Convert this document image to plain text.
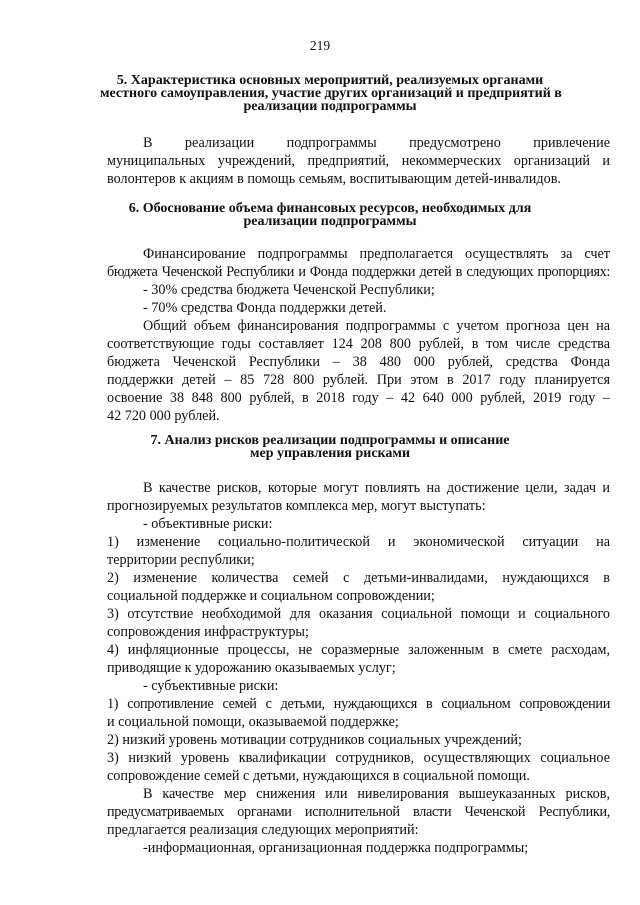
219
5. Характеристика основных мероприятий, реализуемых органами
местного самоуправления, участие других организаций и предприятий в
реализации подпрограммы
В реализации подпрограммы предусмотрено привлечение
муниципальных учреждений, предприятий, некоммерческих организаций и
волонтеров к акциям в помощь семьям, воспитывающим детей-инвалидов.
6. Обоснование объема финансовых ресурсов, необходимых для
реализации подпрограммы
Финансирование подпрограммы предполагается осуществлять за счет
бюджета Чеченской Республики и Фонда поддержки детей в следующих пропорциях:
- 30% средства бюджета Чеченской Республики;
- 70% средства Фонда поддержки детей.
Общий объем финансирования подпрограммы с учетом прогноза цен на
соответствующие годы составляет 124 208 800 рублей, в том числе средства
бюджета Чеченской Республики – 38 480 000 рублей, средства Фонда
поддержки детей – 85 728 800 рублей. При этом в 2017 году планируется
освоение 38 848 800 рублей, в 2018 году – 42 640 000 рублей, 2019 году –
42 720 000 рублей.
7. Анализ рисков реализации подпрограммы и описание
мер управления рисками
В качестве рисков, которые могут повлиять на достижение цели, задач и
прогнозируемых результатов комплекса мер, могут выступать:
- объективные риски:
1) изменение социально-политической и экономической ситуации на
территории республики;
2) изменение количества семей с детьми-инвалидами, нуждающихся в
социальной поддержке и социальном сопровождении;
3) отсутствие необходимой для оказания социальной помощи и социального
сопровождения инфраструктуры;
4) инфляционные процессы, не соразмерные заложенным в смете расходам,
приводящие к удорожанию оказываемых услуг;
- субъективные риски:
1) сопротивление семей с детьми, нуждающихся в социальном сопровождении
и социальной помощи, оказываемой поддержке;
2) низкий уровень мотивации сотрудников социальных учреждений;
3) низкий уровень квалификации сотрудников, осуществляющих социальное
сопровождение семей с детьми, нуждающихся в социальной помощи.
В качестве мер снижения или нивелирования вышеуказанных рисков,
предусматриваемых органами исполнительной власти Чеченской Республики,
предлагается реализация следующих мероприятий:
-информационная, организационная поддержка подпрограммы;
